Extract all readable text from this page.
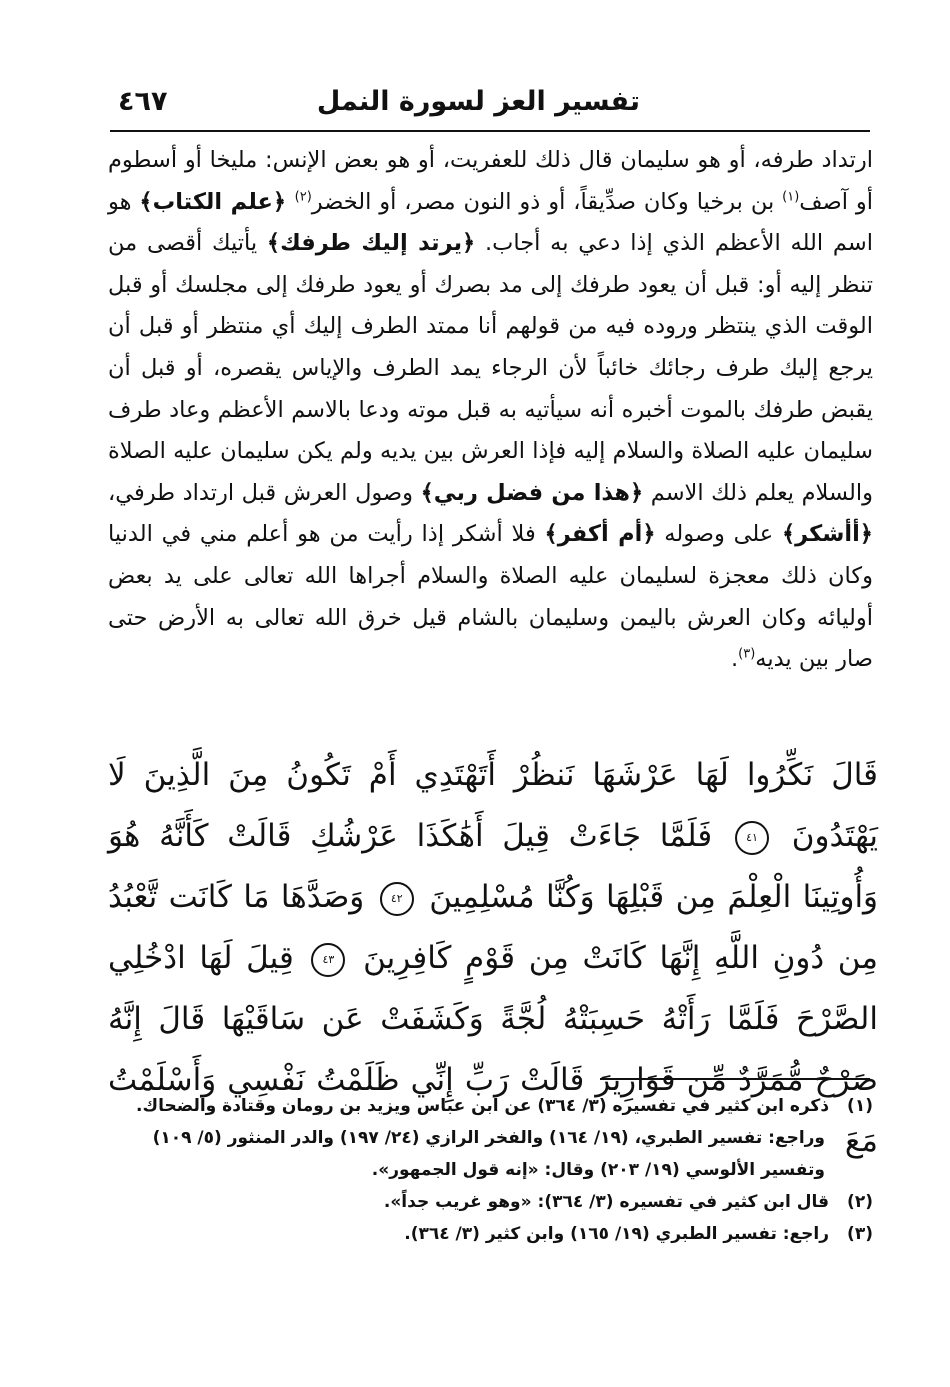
تفسير العز لسورة النمل
٤٦٧

ارتداد طرفه، أو هو سليمان قال ذلك للعفريت، أو هو بعض الإنس: مليخا أو أسطوم أو آصف$^{(١)}$ بن برخيا وكان صدِّيقاً، أو ذو النون مصر، أو الخضر$^{(٢)}$ ﴿علم الكتاب﴾ هو اسم الله الأعظم الذي إذا دعي به أجاب. ﴿يرتد إليك طرفك﴾ يأتيك أقصى من تنظر إليه أو: قبل أن يعود طرفك إلى مد بصرك أو يعود طرفك إلى مجلسك أو قبل الوقت الذي ينتظر وروده فيه من قولهم أنا ممتد الطرف إليك أي منتظر أو قبل أن يرجع إليك طرف رجائك خائباً لأن الرجاء يمد الطرف والإياس يقصره، أو قبل أن يقبض طرفك بالموت أخبره أنه سيأتيه به قبل موته ودعا بالاسم الأعظم وعاد طرف سليمان عليه الصلاة والسلام إليه فإذا العرش بين يديه ولم يكن سليمان عليه الصلاة والسلام يعلم ذلك الاسم ﴿هذا من فضل ربي﴾ وصول العرش قبل ارتداد طرفي، ﴿أأشكر﴾ على وصوله ﴿أم أكفر﴾ فلا أشكر إذا رأيت من هو أعلم مني في الدنيا وكان ذلك معجزة لسليمان عليه الصلاة والسلام أجراها الله تعالى على يد بعض أوليائه وكان العرش باليمن وسليمان بالشام قيل خرق الله تعالى به الأرض حتى صار بين يديه$^{(٣)}$.

قَالَ نَكِّرُوا لَهَا عَرْشَهَا نَنظُرْ أَتَهْتَدِي أَمْ تَكُونُ مِنَ الَّذِينَ لَا يَهْتَدُونَ ٤١ فَلَمَّا جَاءَتْ قِيلَ أَهَٰكَذَا عَرْشُكِ قَالَتْ كَأَنَّهُ هُوَ وَأُوتِينَا الْعِلْمَ مِن قَبْلِهَا وَكُنَّا مُسْلِمِينَ ٤٢ وَصَدَّهَا مَا كَانَت تَّعْبُدُ مِن دُونِ اللَّهِ إِنَّهَا كَانَتْ مِن قَوْمٍ كَافِرِينَ ٤٣ قِيلَ لَهَا ادْخُلِي الصَّرْحَ فَلَمَّا رَأَتْهُ حَسِبَتْهُ لُجَّةً وَكَشَفَتْ عَن سَاقَيْهَا قَالَ إِنَّهُ صَرْحٌ مُّمَرَّدٌ مِّن قَوَارِيرَ قَالَتْ رَبِّ إِنِّي ظَلَمْتُ نَفْسِي وَأَسْلَمْتُ مَعَ

(١)ذكره ابن كثير في تفسيره (٣/ ٣٦٤) عن ابن عباس ويزيد بن رومان وقتادة والضحاك.

وراجع: تفسير الطبري، (١٩/ ١٦٤) والفخر الرازي (٢٤/ ١٩٧) والدر المنثور (٥/ ١٠٩) وتفسير الألوسي (١٩/ ٢٠٣) وقال: «إنه قول الجمهور».

(٢)قال ابن كثير في تفسيره (٣/ ٣٦٤): «وهو غريب جداً».

(٣)راجع: تفسير الطبري (١٩/ ١٦٥) وابن كثير (٣/ ٣٦٤).
